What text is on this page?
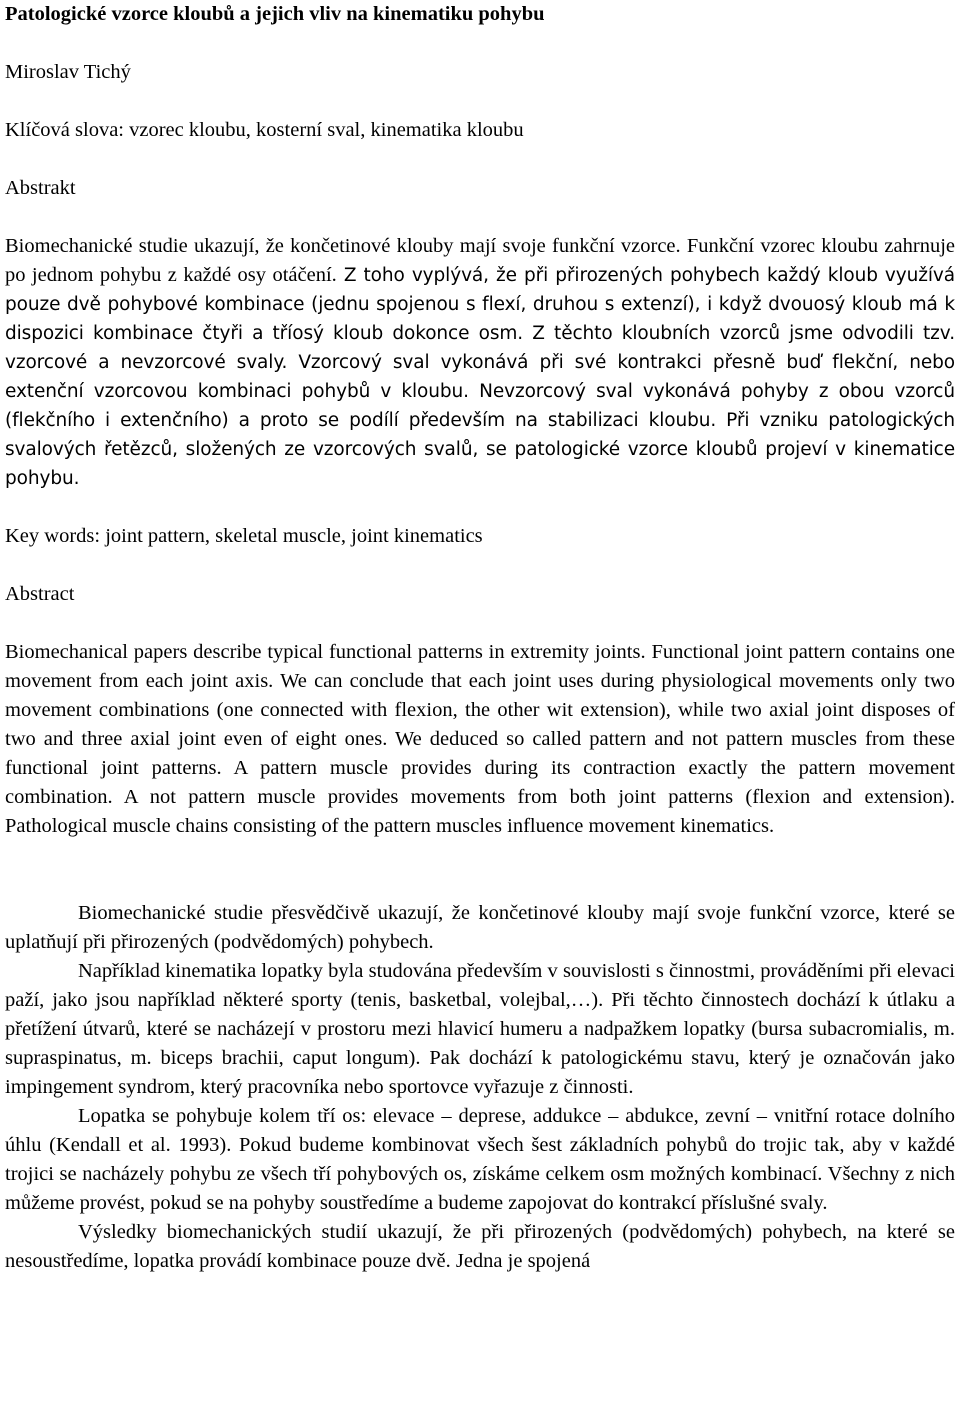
Patologické vzorce kloubů a jejich vliv na kinematiku pohybu

Miroslav Tichý

Klíčová slova: vzorec kloubu, kosterní sval, kinematika kloubu

Abstrakt

Biomechanické studie ukazují, že končetinové klouby mají svoje funkční vzorce. Funkční vzorec kloubu zahrnuje po jednom pohybu z každé osy otáčení. Z toho vyplývá, že při přirozených pohybech každý kloub využívá pouze dvě pohybové kombinace (jednu spojenou s flexí, druhou s extenzí), i když dvouosý kloub má k dispozici kombinace čtyři a tříosý kloub dokonce osm. Z těchto kloubních vzorců jsme odvodili tzv. vzorcové a nevzorcové svaly. Vzorcový sval vykonává při své kontrakci přesně buď flekční, nebo extenční vzorcovou kombinaci pohybů v kloubu. Nevzorcový sval vykonává pohyby z obou vzorců (flekčního i extenčního) a proto se podílí především na stabilizaci kloubu. Při vzniku patologických svalových řetězců, složených ze vzorcových svalů, se patologické vzorce kloubů projeví v kinematice pohybu.

Key words: joint pattern, skeletal muscle, joint kinematics

Abstract

Biomechanical papers describe typical functional patterns in extremity joints. Functional joint pattern contains one movement from each joint axis. We can conclude that each joint uses during physiological movements only two movement combinations (one connected with flexion, the other wit extension), while two axial joint disposes of two and three axial joint even of eight ones. We deduced so called pattern and not pattern muscles from these functional joint patterns. A pattern muscle provides during its contraction exactly the pattern movement combination. A not pattern muscle provides movements from both joint patterns (flexion and extension). Pathological muscle chains consisting of the pattern muscles influence movement kinematics.

Biomechanické studie přesvědčivě ukazují, že končetinové klouby mají svoje funkční vzorce, které se uplatňují při přirozených (podvědomých) pohybech.

Například kinematika lopatky byla studována především v souvislosti s činnostmi, prováděními při elevaci paží, jako jsou například některé sporty (tenis, basketbal, volejbal,…). Při těchto činnostech dochází k útlaku a přetížení útvarů, které se nacházejí v prostoru mezi hlavicí humeru a nadpažkem lopatky (bursa subacromialis, m. supraspinatus, m. biceps brachii, caput longum). Pak dochází k patologickému stavu, který je označován jako impingement syndrom, který pracovníka nebo sportovce vyřazuje z činnosti.

Lopatka se pohybuje kolem tří os: elevace – deprese, addukce – abdukce, zevní – vnitřní rotace dolního úhlu (Kendall et al. 1993). Pokud budeme kombinovat všech šest základních pohybů do trojic tak, aby v každé trojici se nacházely pohybu ze všech tří pohybových os, získáme celkem osm možných kombinací. Všechny z nich můžeme provést, pokud se na pohyby soustředíme a budeme zapojovat do kontrakcí příslušné svaly.

Výsledky biomechanických studií ukazují, že při přirozených (podvědomých) pohybech, na které se nesoustředíme, lopatka provádí kombinace pouze dvě. Jedna je spojená
